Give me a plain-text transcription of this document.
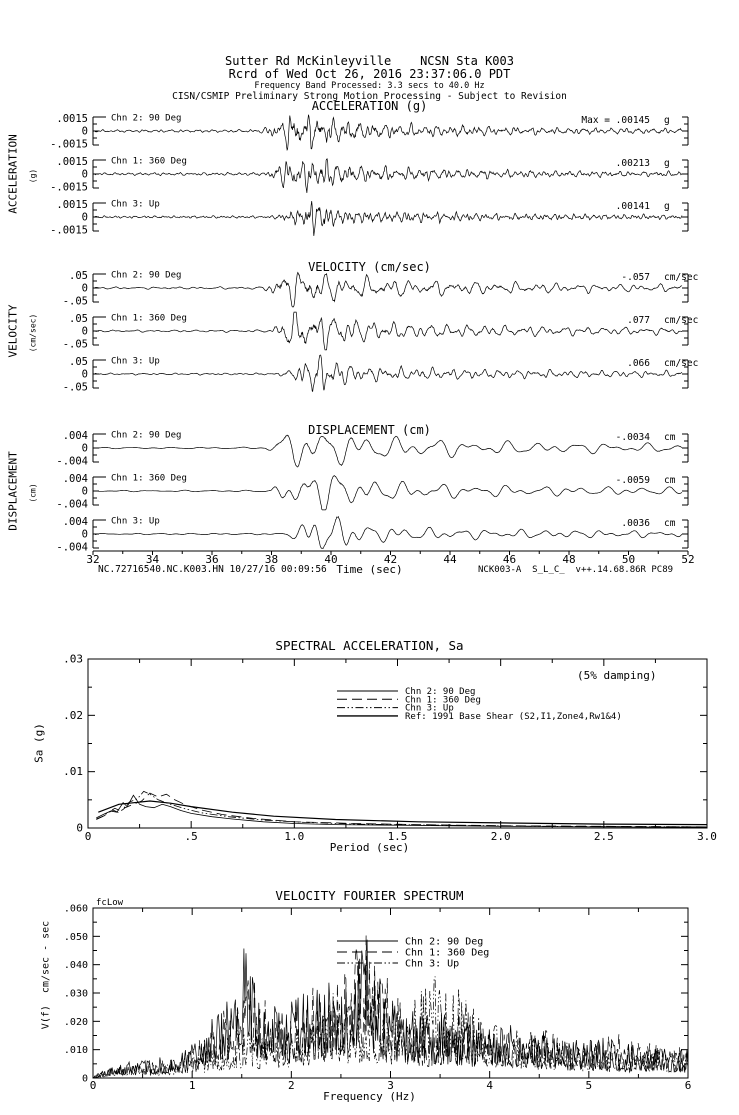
Sutter Rd McKinleyville    NCSN Sta K003
Rcrd of Wed Oct 26, 2016 23:37:06.0 PDT
Frequency Band Processed: 3.3 secs to 40.0 Hz
CISN/CSMIP Preliminary Strong Motion Processing - Subject to Revision
ACCELERATION (g)
VELOCITY (cm/sec)
DISPLACEMENT (cm)
ACCELERATION (g)
VELOCITY (cm/sec)
DISPLACEMENT (cm)
Time (sec)
NC.72716540.NC.K003.HN 10/27/16 00:09:56	NCK003-A  S_L_C_  v++.14.68.86R PC89
SPECTRAL ACCELERATION, Sa
(5% damping)
Sa (g)
Period (sec)
VELOCITY FOURIER SPECTRUM
fcLow
V(f)  cm/sec - sec
Frequency (Hz)
Chn 2: 90 Deg
.0015
0
-.0015
Max = .00145 g
Chn 1: 360 Deg
.0015
0
-.0015
.00213 g
Chn 3: Up
.0015
0
-.0015
.00141 g
Chn 2: 90 Deg
.05
0
-.05
-.057 cm/sec
Chn 1: 360 Deg
.05
0
-.05
.077 cm/sec
Chn 3: Up
.05
0
-.05
.066 cm/sec
Chn 2: 90 Deg
.004
0
-.004
-.0034 cm
Chn 1: 360 Deg
.004
0
-.004
-.0059 cm
Chn 3: Up
.004
0
-.004
.0036 cm
32	34	36	38	40	42	44	46	48	50	52
0	.5	1.0	1.5	2.0	2.5	3.0
0
.01
.02
.03
Chn 2: 90 Deg
Chn 1: 360 Deg
Chn 3: Up
Ref: 1991 Base Shear (S2,I1,Zone4,Rw1&4)
0	1	2	3	4	5	6
.060
.050
.040
.030
.020
.010
0
Chn 2: 90 Deg
Chn 1: 360 Deg
Chn 3: Up
